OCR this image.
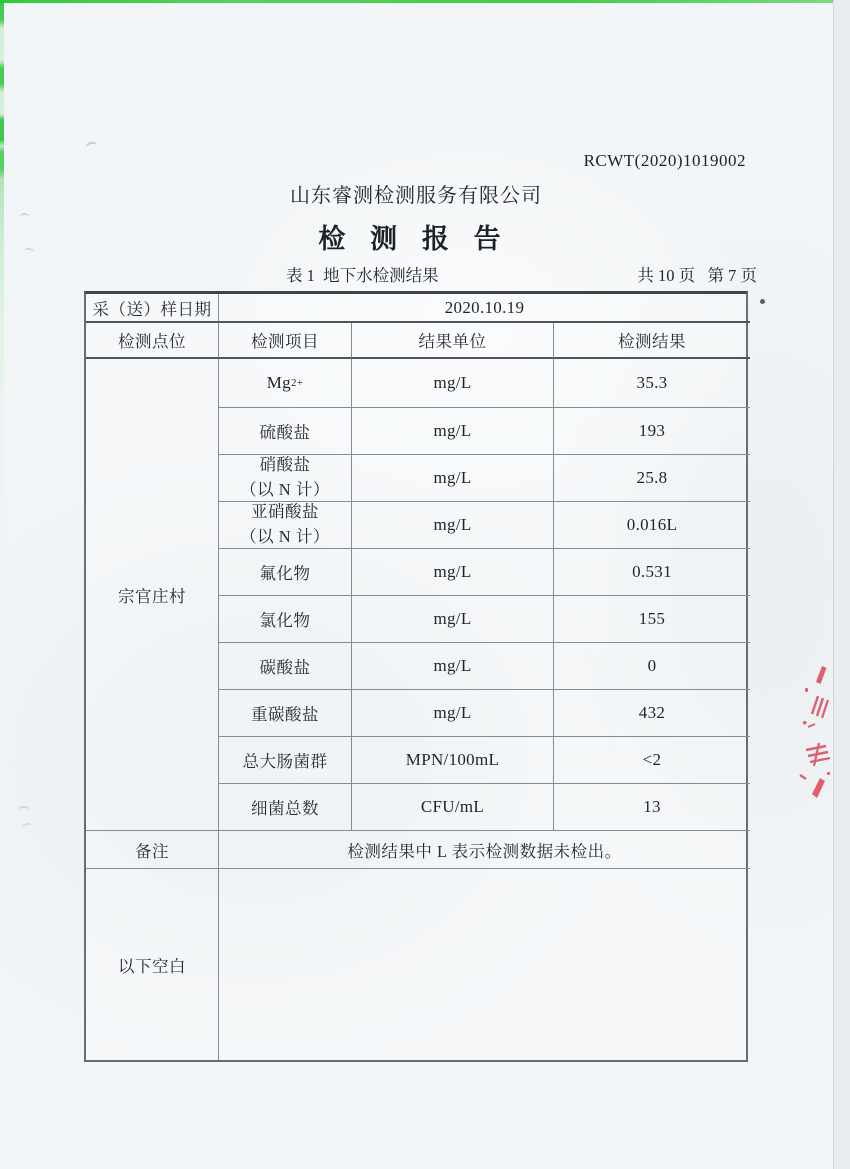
RCWT(2020)1019002
山东睿测检测服务有限公司
检 测 报 告
表 1  地下水检测结果	共 10 页   第 7 页
采（送）样日期	2020.10.19
检测点位	检测项目	结果单位	检测结果
宗官庄村
Mg 2+	mg/L	35.3
硫酸盐	mg/L	193
硝酸盐
（以 N 计）
mg/L	25.8
亚硝酸盐
（以 N 计）
mg/L	0.016L
氟化物	mg/L	0.531
氯化物	mg/L	155
碳酸盐	mg/L	0
重碳酸盐	mg/L	432
总大肠菌群	MPN/100mL	<2
细菌总数	CFU/mL	13
备注	检测结果中 L 表示检测数据未检出。
以下空白
